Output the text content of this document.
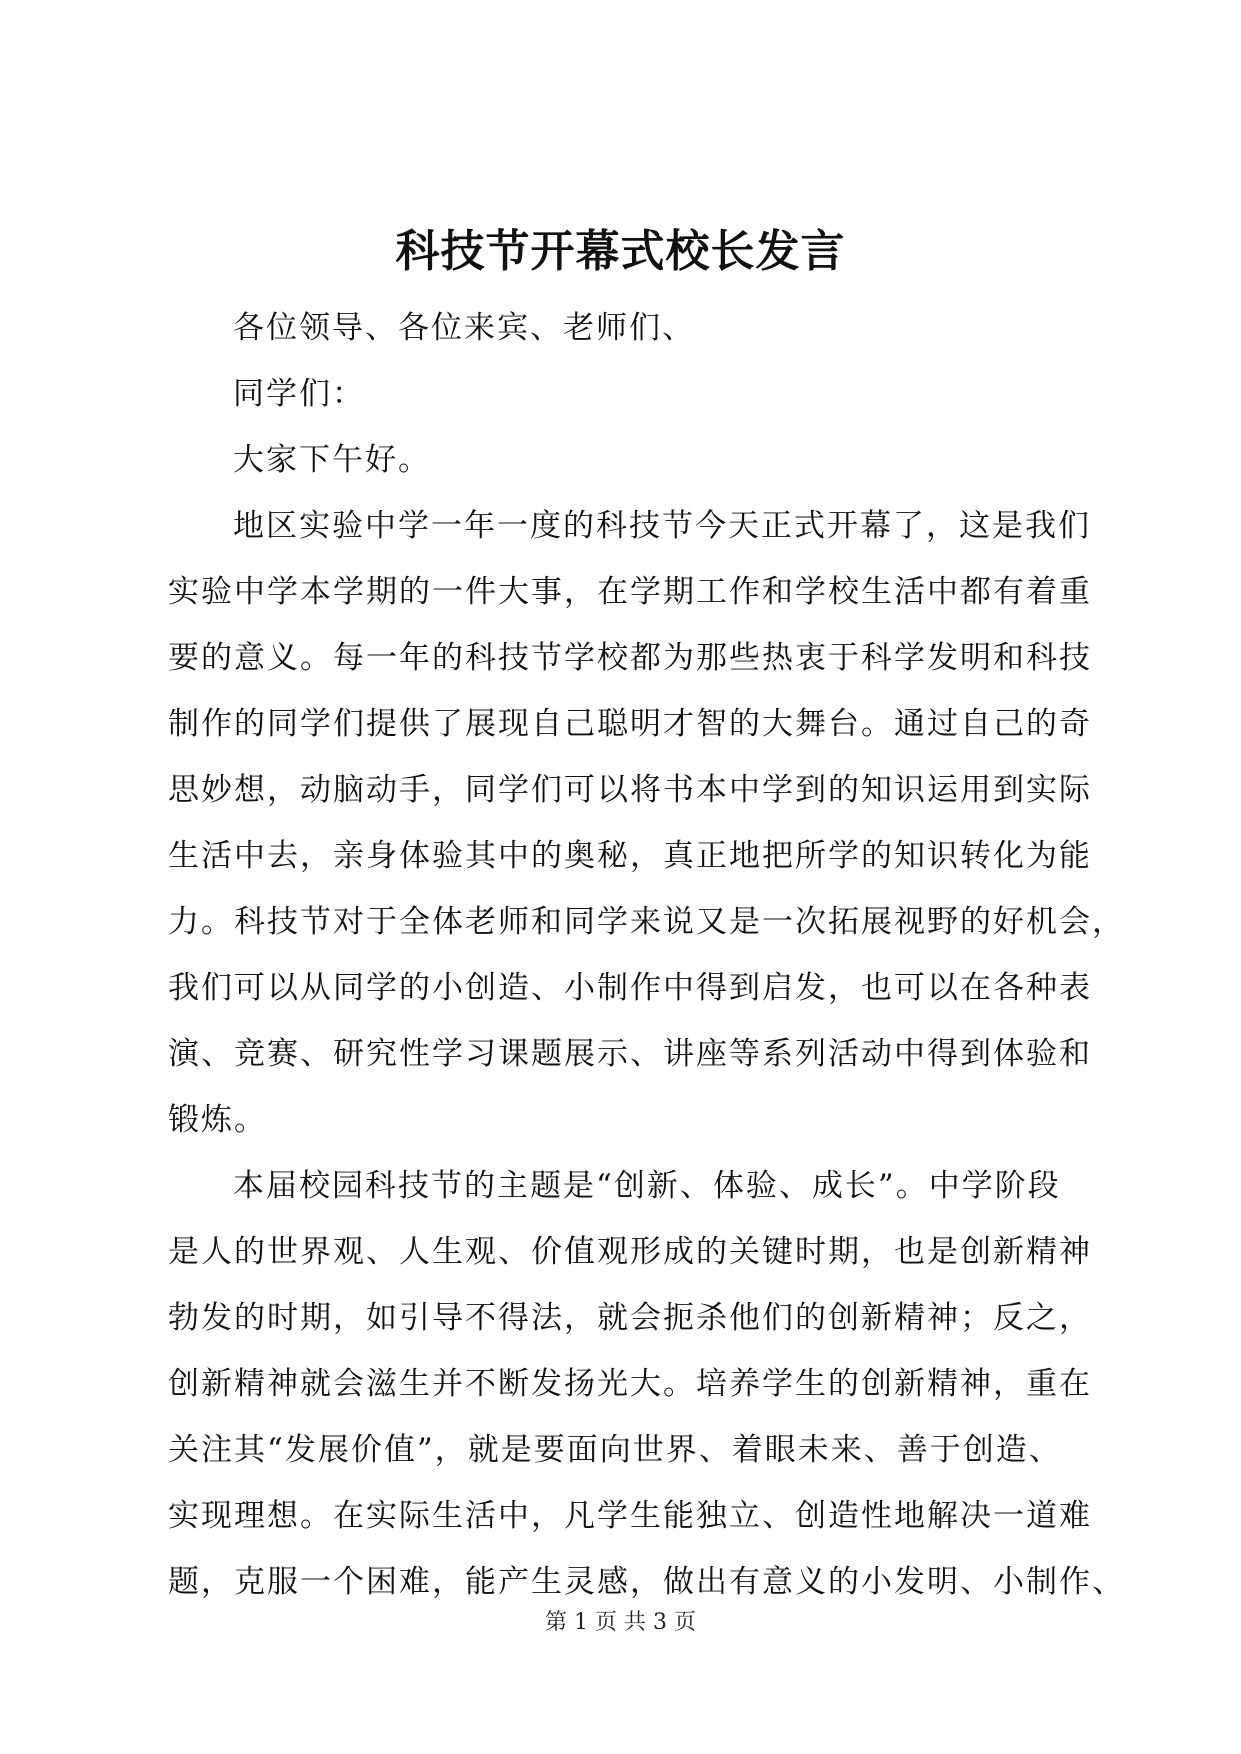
科技节开幕式校长发言
各位领导、各位来宾、老师们、
同学们：
大家下午好。
地区实验中学一年一度的科技节今天正式开幕了，这是我们
实验中学本学期的一件大事，在学期工作和学校生活中都有着重
要的意义。每一年的科技节学校都为那些热衷于科学发明和科技
制作的同学们提供了展现自己聪明才智的大舞台。通过自己的奇
思妙想，动脑动手，同学们可以将书本中学到的知识运用到实际
生活中去，亲身体验其中的奥秘，真正地把所学的知识转化为能
力。科技节对于全体老师和同学来说又是一次拓展视野的好机会，
我们可以从同学的小创造、小制作中得到启发，也可以在各种表
演、竞赛、研究性学习课题展示、讲座等系列活动中得到体验和
锻炼。
本届校园科技节的主题是“创新、体验、成长”。中学阶段
是人的世界观、人生观、价值观形成的关键时期，也是创新精神
勃发的时期，如引导不得法，就会扼杀他们的创新精神；反之，
创新精神就会滋生并不断发扬光大。培养学生的创新精神，重在
关注其“发展价值”，就是要面向世界、着眼未来、善于创造、
实现理想。在实际生活中，凡学生能独立、创造性地解决一道难
题，克服一个困难，能产生灵感，做出有意义的小发明、小制作、
第 1 页 共 3 页
